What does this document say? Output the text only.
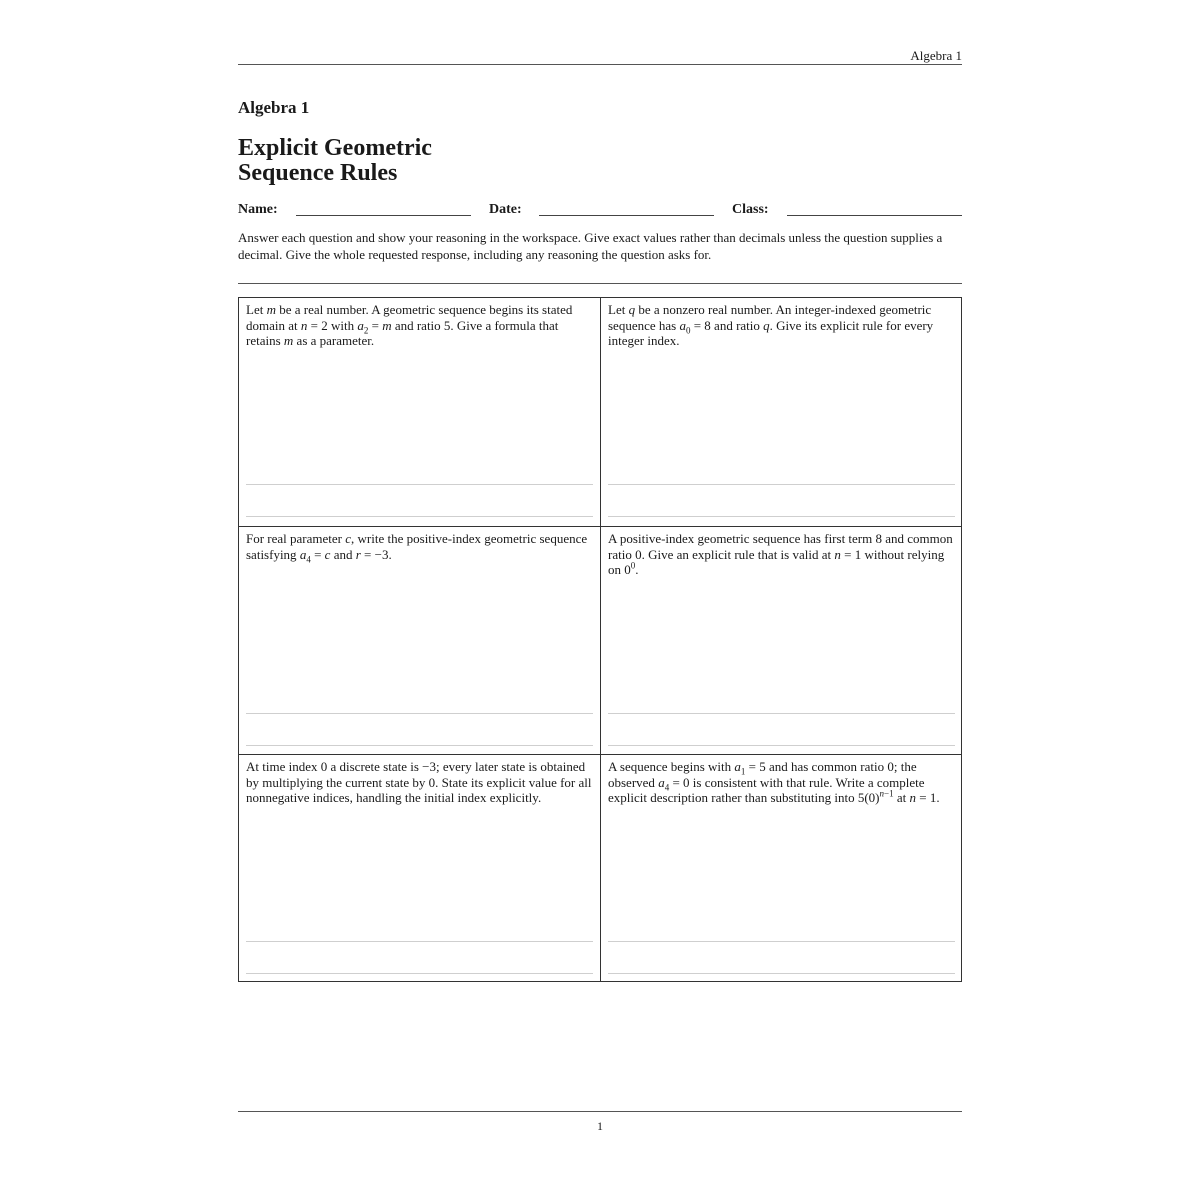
Algebra 1
Algebra 1
Explicit Geometric
Sequence Rules
Name:	Date:	Class:
Answer each question and show your reasoning in the workspace. Give exact values rather than decimals unless the question supplies a decimal. Give the whole requested response, including any reasoning the question asks for.
Let m be a real number. A geometric sequence begins its stated domain at n = 2 with $a_2 = m$ and ratio 5. Give a formula that retains m as a parameter.
Let q be a nonzero real number. An integer-indexed geometric sequence has $a_0 = 8$ and ratio q. Give its explicit rule for every integer index.
For real parameter c, write the positive-index geometric sequence satisfying $a_4 = c$ and r = −3.
A positive-index geometric sequence has first term 8 and common ratio 0. Give an explicit rule that is valid at n = 1 without relying on $0^0$.
At time index 0 a discrete state is −3; every later state is obtained by multiplying the current state by 0. State its explicit value for all nonnegative indices, handling the initial index explicitly.
A sequence begins with $a_1 = 5$ and has common ratio 0; the observed $a_4 = 0$ is consistent with that rule. Write a complete explicit description rather than substituting into $5(0)^{n-1}$ at n = 1.
1
